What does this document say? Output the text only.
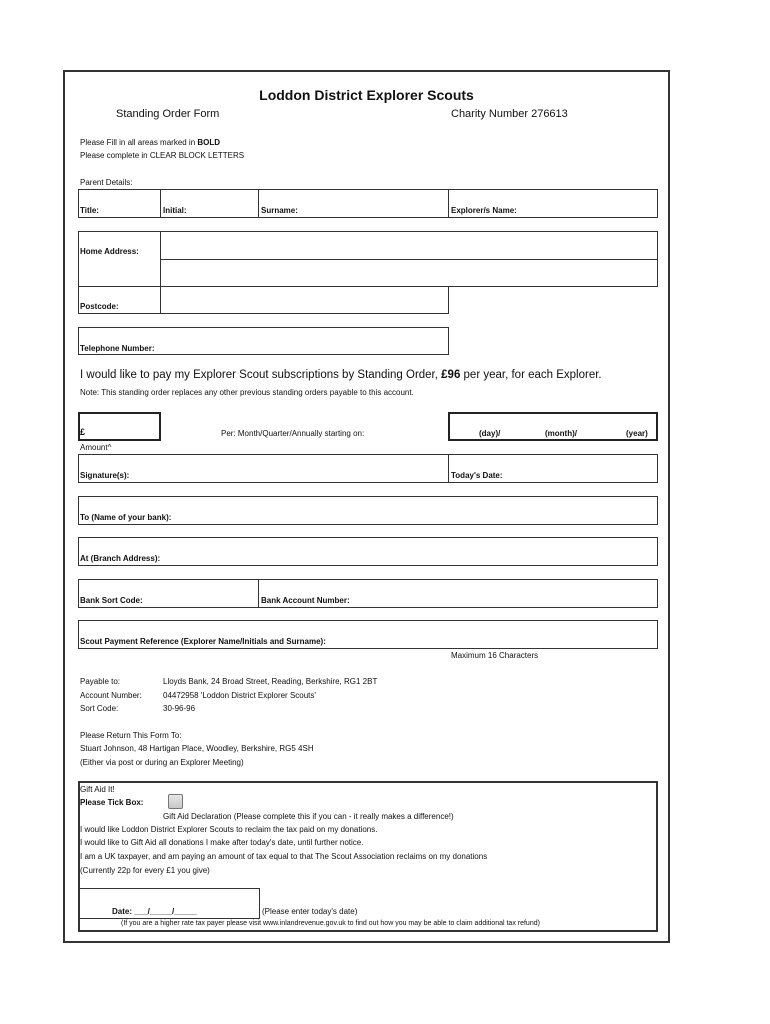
Loddon District Explorer Scouts
Standing Order Form	Charity Number 276613
Please Fill in all areas marked in BOLD
Please complete in CLEAR BLOCK LETTERS
Parent Details:
Title:	Initial:	Surname:	Explorer/s Name:
Home Address:
Postcode:
Telephone Number:
I would like to pay my Explorer Scout subscriptions by Standing Order, £96 per year, for each Explorer.
Note: This standing order replaces any other previous standing orders payable to this account.
£
Amount^
Per: Month/Quarter/Annually starting on:	(day)/	(month)/	(year)
Signature(s):	Today's Date:
To (Name of your bank):
At (Branch Address):
Bank Sort Code:	Bank Account Number:
Scout Payment Reference (Explorer Name/Initials and Surname):
Maximum 16 Characters
Payable to:	Lloyds Bank, 24 Broad Street, Reading, Berkshire, RG1 2BT
Account Number:	04472958 'Loddon District Explorer Scouts'
Sort Code:	30-96-96
Please Return This Form To:
Stuart Johnson, 48 Hartigan Place, Woodley, Berkshire, RG5 4SH
(Either via post or during an Explorer Meeting)
Gift Aid It!
Please Tick Box:
Gift Aid Declaration (Please complete this if you can - it really makes a difference!)
I would like Loddon District Explorer Scouts to reclaim the tax paid on my donations.
I would like to Gift Aid all donations I make after today's date, until further notice.
I am a UK taxpayer, and am paying an amount of tax equal to that The Scout Association reclaims on my donations
(Currently 22p for every £1 you give)
Date: ___/_____/_____	(Please enter today's date)
(If you are a higher rate tax payer please visit www.inlandrevenue.gov.uk to find out how you may be able to claim additional tax refund)
